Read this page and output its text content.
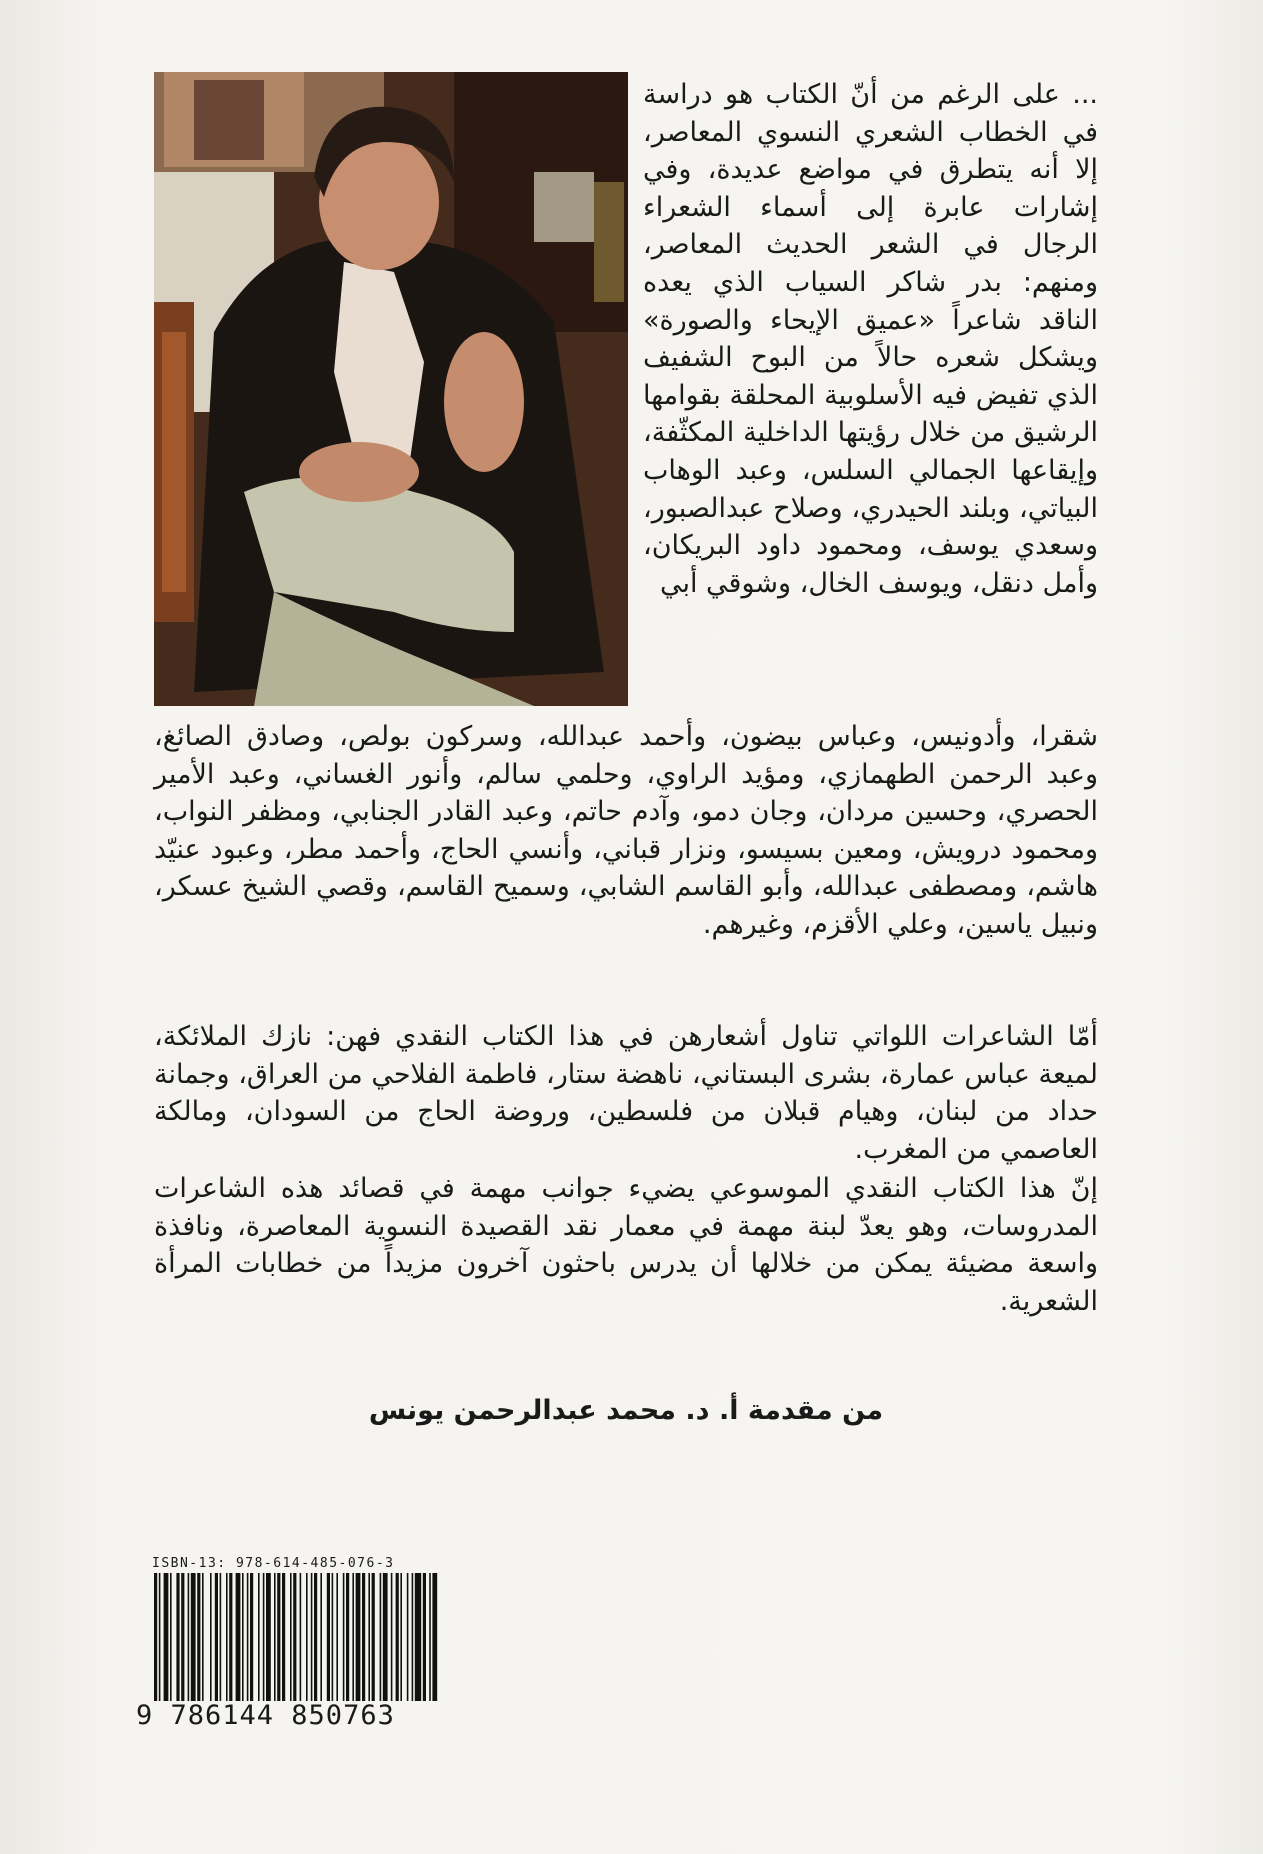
... على الرغم من أنّ الكتاب هو دراسة في الخطاب الشعري النسوي المعاصر، إلا أنه يتطرق في مواضع عديدة، وفي إشارات عابرة إلى أسماء الشعراء الرجال في الشعر الحديث المعاصر، ومنهم: بدر شاكر السياب الذي يعده الناقد شاعراً «عميق الإيحاء والصورة» ويشكل شعره حالاً من البوح الشفيف الذي تفيض فيه الأسلوبية المحلقة بقوامها الرشيق من خلال رؤيتها الداخلية المكثّفة، وإيقاعها الجمالي السلس، وعبد الوهاب البياتي، وبلند الحيدري، وصلاح عبدالصبور، وسعدي يوسف، ومحمود داود البريكان، وأمل دنقل، ويوسف الخال، وشوقي أبي

شقرا، وأدونيس، وعباس بيضون، وأحمد عبدالله، وسركون بولص، وصادق الصائغ، وعبد الرحمن الطهمازي، ومؤيد الراوي، وحلمي سالم، وأنور الغساني، وعبد الأمير الحصري، وحسين مردان، وجان دمو، وآدم حاتم، وعبد القادر الجنابي، ومظفر النواب، ومحمود درويش، ومعين بسيسو، ونزار قباني، وأنسي الحاج، وأحمد مطر، وعبود عنيّد هاشم، ومصطفى عبدالله، وأبو القاسم الشابي، وسميح القاسم، وقصي الشيخ عسكر، ونبيل ياسين، وعلي الأقزم، وغيرهم.

أمّا الشاعرات اللواتي تناول أشعارهن في هذا الكتاب النقدي فهن: نازك الملائكة، لميعة عباس عمارة، بشرى البستاني، ناهضة ستار، فاطمة الفلاحي من العراق، وجمانة حداد من لبنان، وهيام قبلان من فلسطين، وروضة الحاج من السودان، ومالكة العاصمي من المغرب.

إنّ هذا الكتاب النقدي الموسوعي يضيء جوانب مهمة في قصائد هذه الشاعرات المدروسات، وهو يعدّ لبنة مهمة في معمار نقد القصيدة النسوية المعاصرة، ونافذة واسعة مضيئة يمكن من خلالها أن يدرس باحثون آخرون مزيداً من خطابات المرأة الشعرية.

من مقدمة أ. د. محمد عبدالرحمن يونس
ISBN-13: 978-614-485-076-3
9 786144 850763
